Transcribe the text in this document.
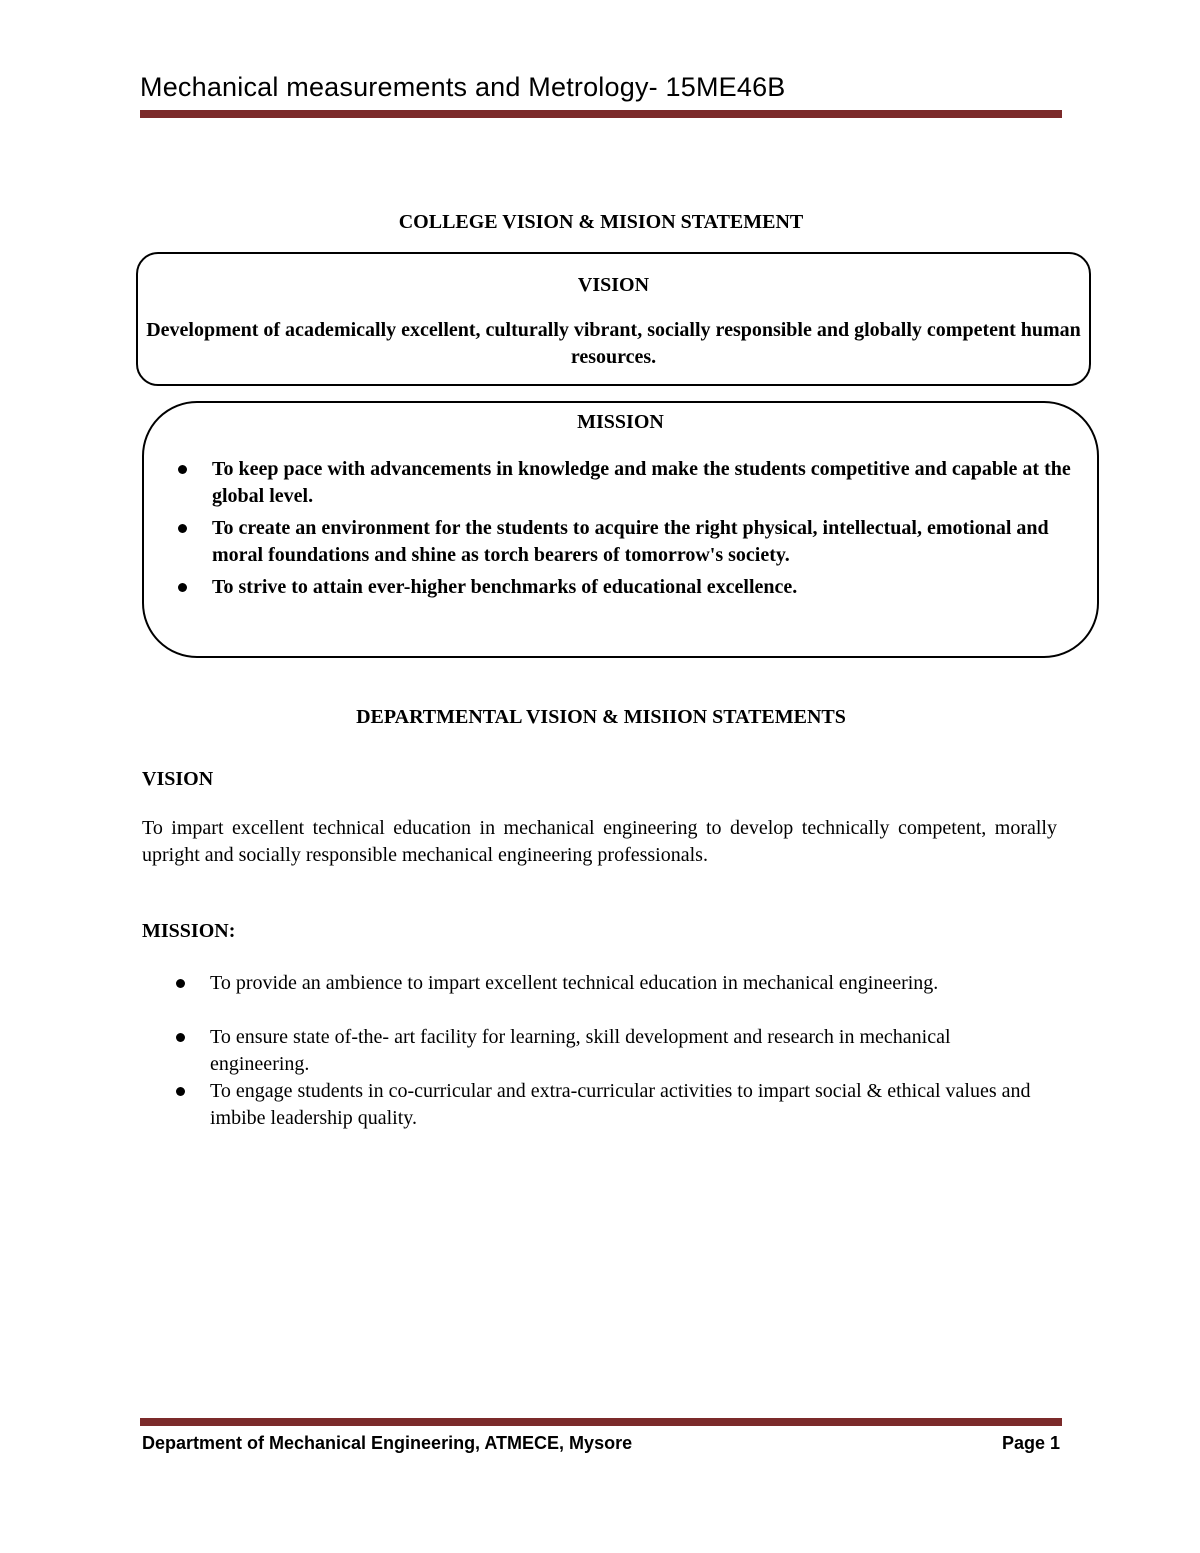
Mechanical measurements and Metrology- 15ME46B
COLLEGE VISION & MISION STATEMENT
VISION
Development of academically excellent, culturally vibrant, socially responsible and globally competent human resources.
MISSION
To keep pace with advancements in knowledge and make the students competitive and capable at the global level.
To create an environment for the students to acquire the right physical, intellectual, emotional and moral foundations and shine as torch bearers of tomorrow's society.
To strive to attain ever-higher benchmarks of educational excellence.
DEPARTMENTAL VISION & MISIION STATEMENTS
VISION
To impart excellent technical education in mechanical engineering to develop technically competent, morally upright and socially responsible mechanical engineering professionals.
MISSION:
To provide an ambience to impart excellent technical education in mechanical engineering.
To ensure state of-the- art facility for learning, skill development and research in mechanical engineering.
To engage students in co-curricular and extra-curricular activities to impart social & ethical values and imbibe leadership quality.
Department of Mechanical Engineering, ATMECE, Mysore	Page 1
